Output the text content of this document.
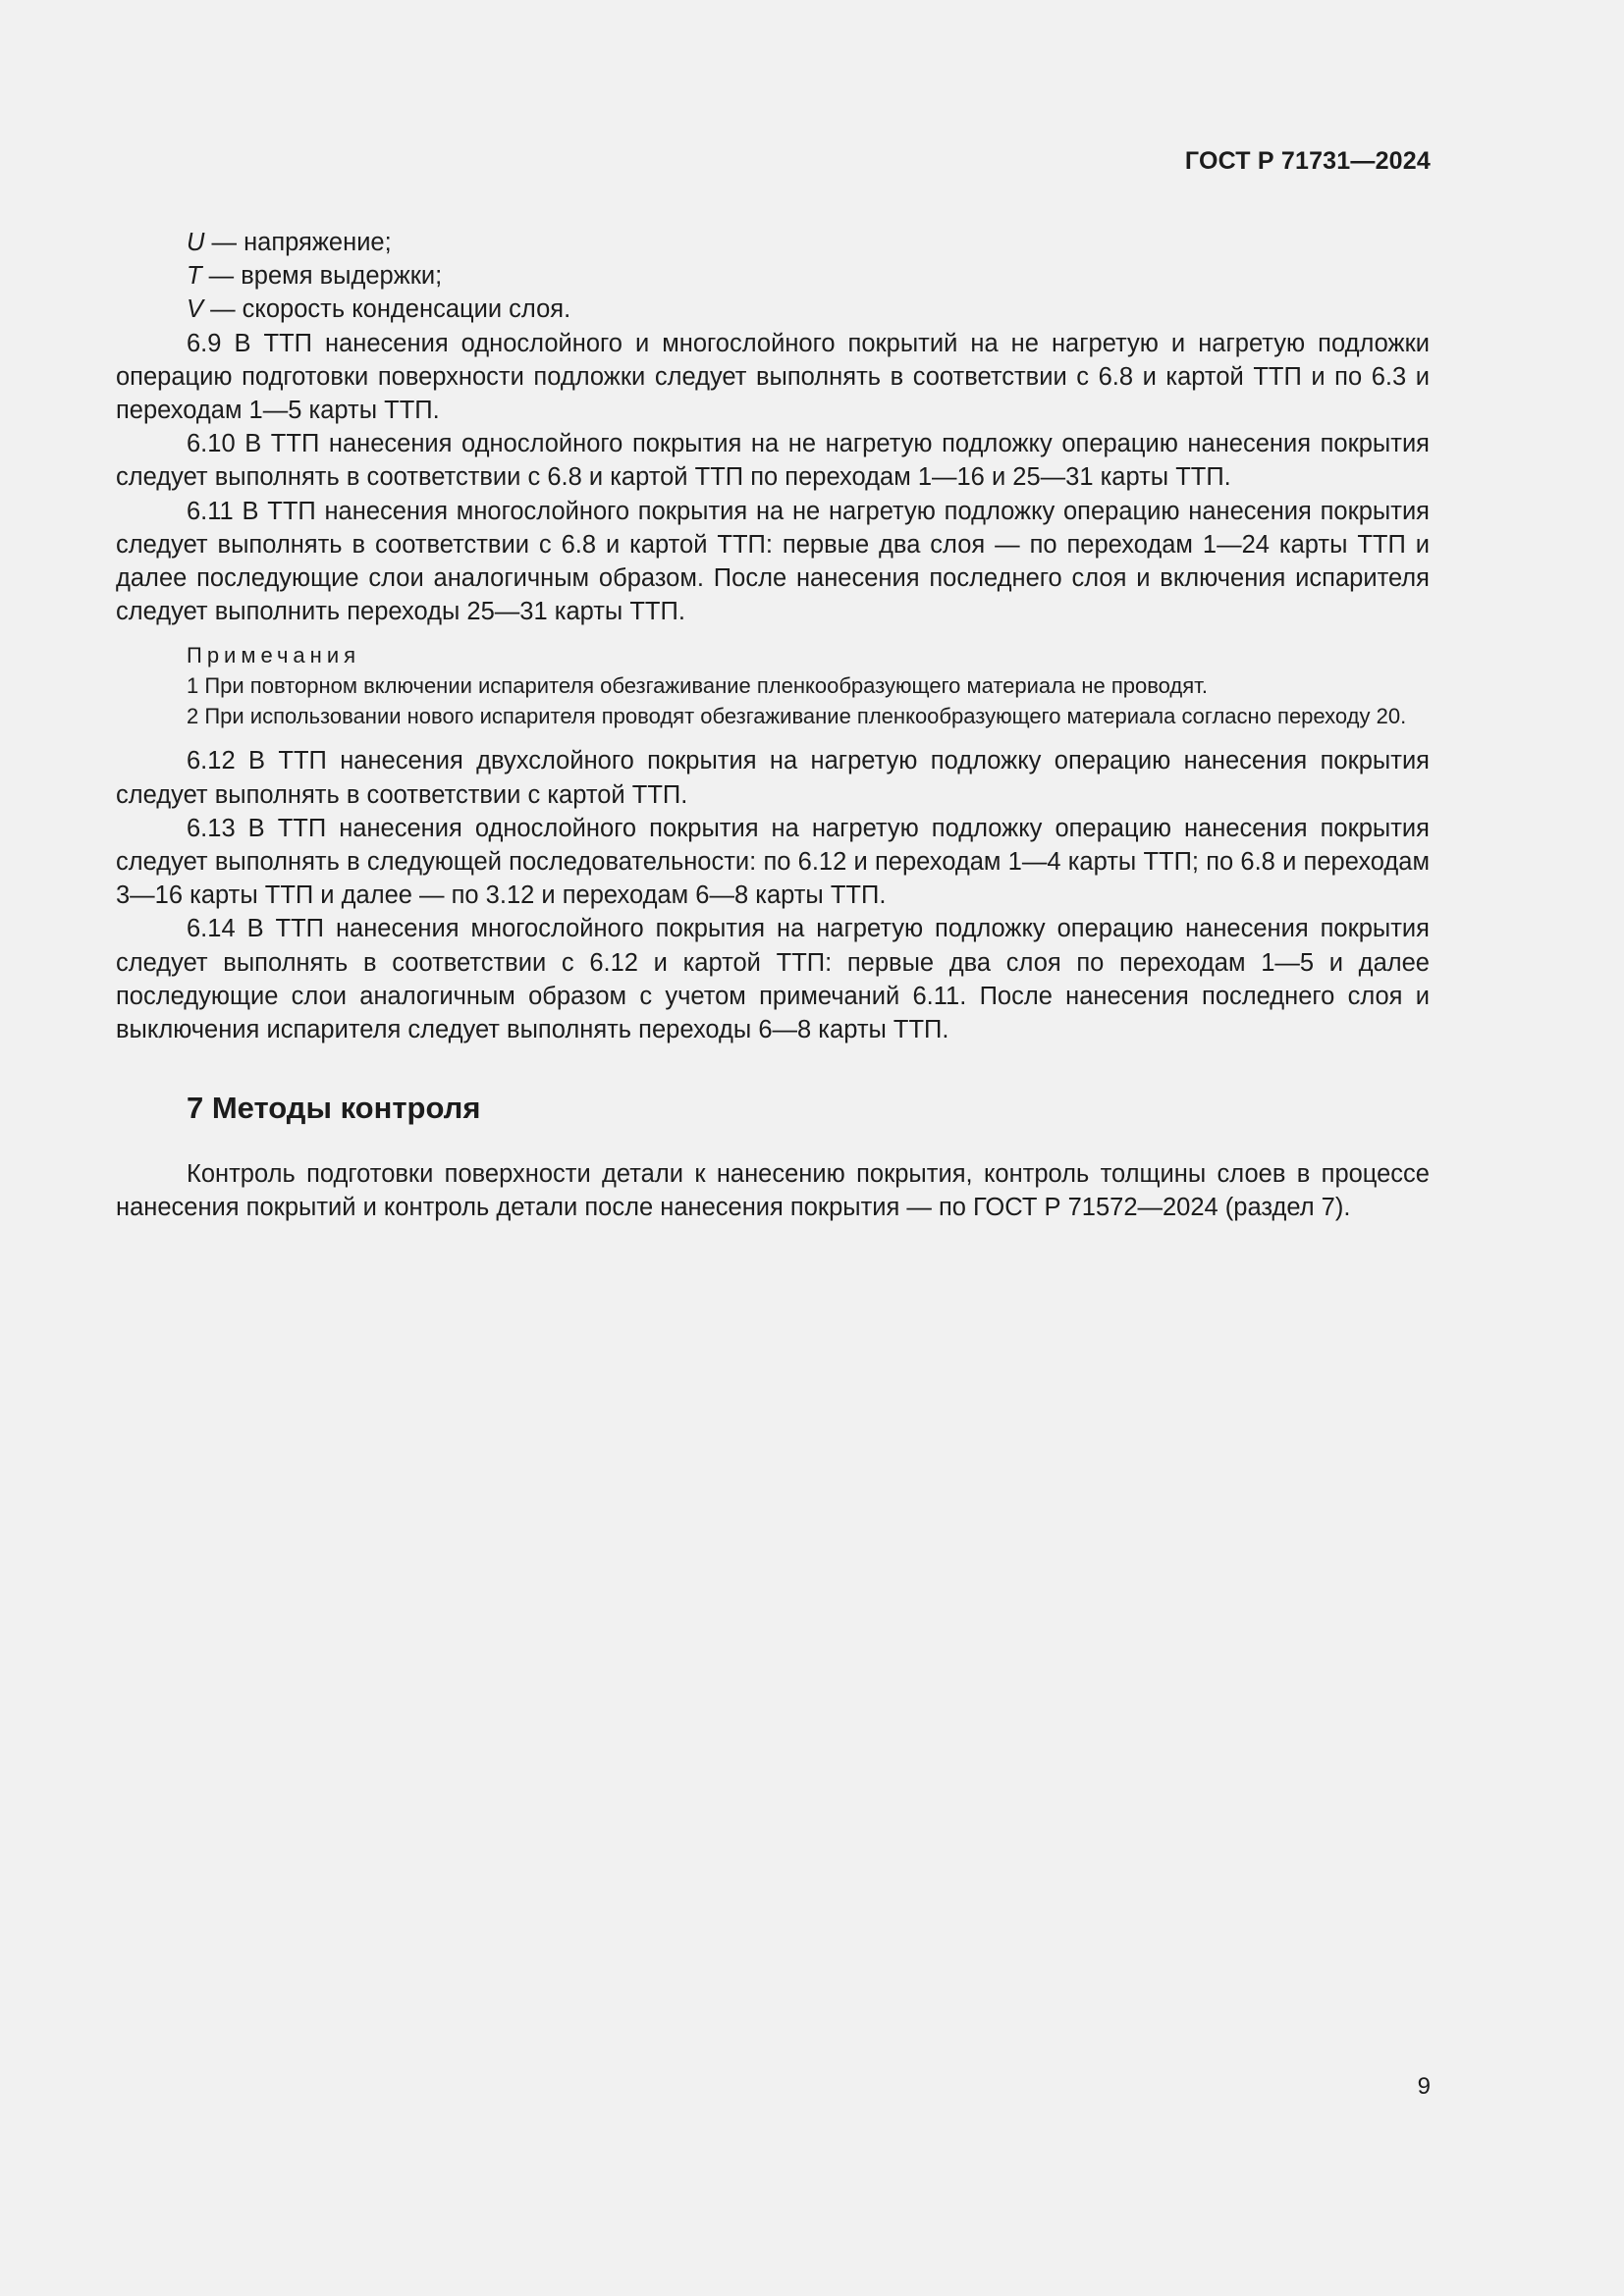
ГОСТ Р 71731—2024

U — напряжение;

T — время выдержки;

V — скорость конденсации слоя.

6.9 В ТТП нанесения однослойного и многослойного покрытий на не нагретую и нагретую подложки операцию подготовки поверхности подложки следует выполнять в соответствии с 6.8 и картой ТТП и по 6.3 и переходам 1—5 карты ТТП.

6.10 В ТТП нанесения однослойного покрытия на не нагретую подложку операцию нанесения покрытия следует выполнять в соответствии с 6.8 и картой ТТП по переходам 1—16 и 25—31 карты ТТП.

6.11 В ТТП нанесения многослойного покрытия на не нагретую подложку операцию нанесения покрытия следует выполнять в соответствии с 6.8 и картой ТТП: первые два слоя — по переходам 1—24 карты ТТП и далее последующие слои аналогичным образом. После нанесения последнего слоя и включения испарителя следует выполнить переходы 25—31 карты ТТП.

Примечания

1 При повторном включении испарителя обезгаживание пленкообразующего материала не проводят.

2 При использовании нового испарителя проводят обезгаживание пленкообразующего материала согласно переходу 20.

6.12 В ТТП нанесения двухслойного покрытия на нагретую подложку операцию нанесения покрытия следует выполнять в соответствии с картой ТТП.

6.13 В ТТП нанесения однослойного покрытия на нагретую подложку операцию нанесения покрытия следует выполнять в следующей последовательности: по 6.12 и переходам 1—4 карты ТТП; по 6.8 и переходам 3—16 карты ТТП и далее — по 3.12 и переходам 6—8 карты ТТП.

6.14 В ТТП нанесения многослойного покрытия на нагретую подложку операцию нанесения покрытия следует выполнять в соответствии с 6.12 и картой ТТП: первые два слоя по переходам 1—5 и далее последующие слои аналогичным образом с учетом примечаний 6.11. После нанесения последнего слоя и выключения испарителя следует выполнять переходы 6—8 карты ТТП.

7 Методы контроля

Контроль подготовки поверхности детали к нанесению покрытия, контроль толщины слоев в процессе нанесения покрытий и контроль детали после нанесения покрытия — по ГОСТ Р 71572—2024 (раздел 7).

9
